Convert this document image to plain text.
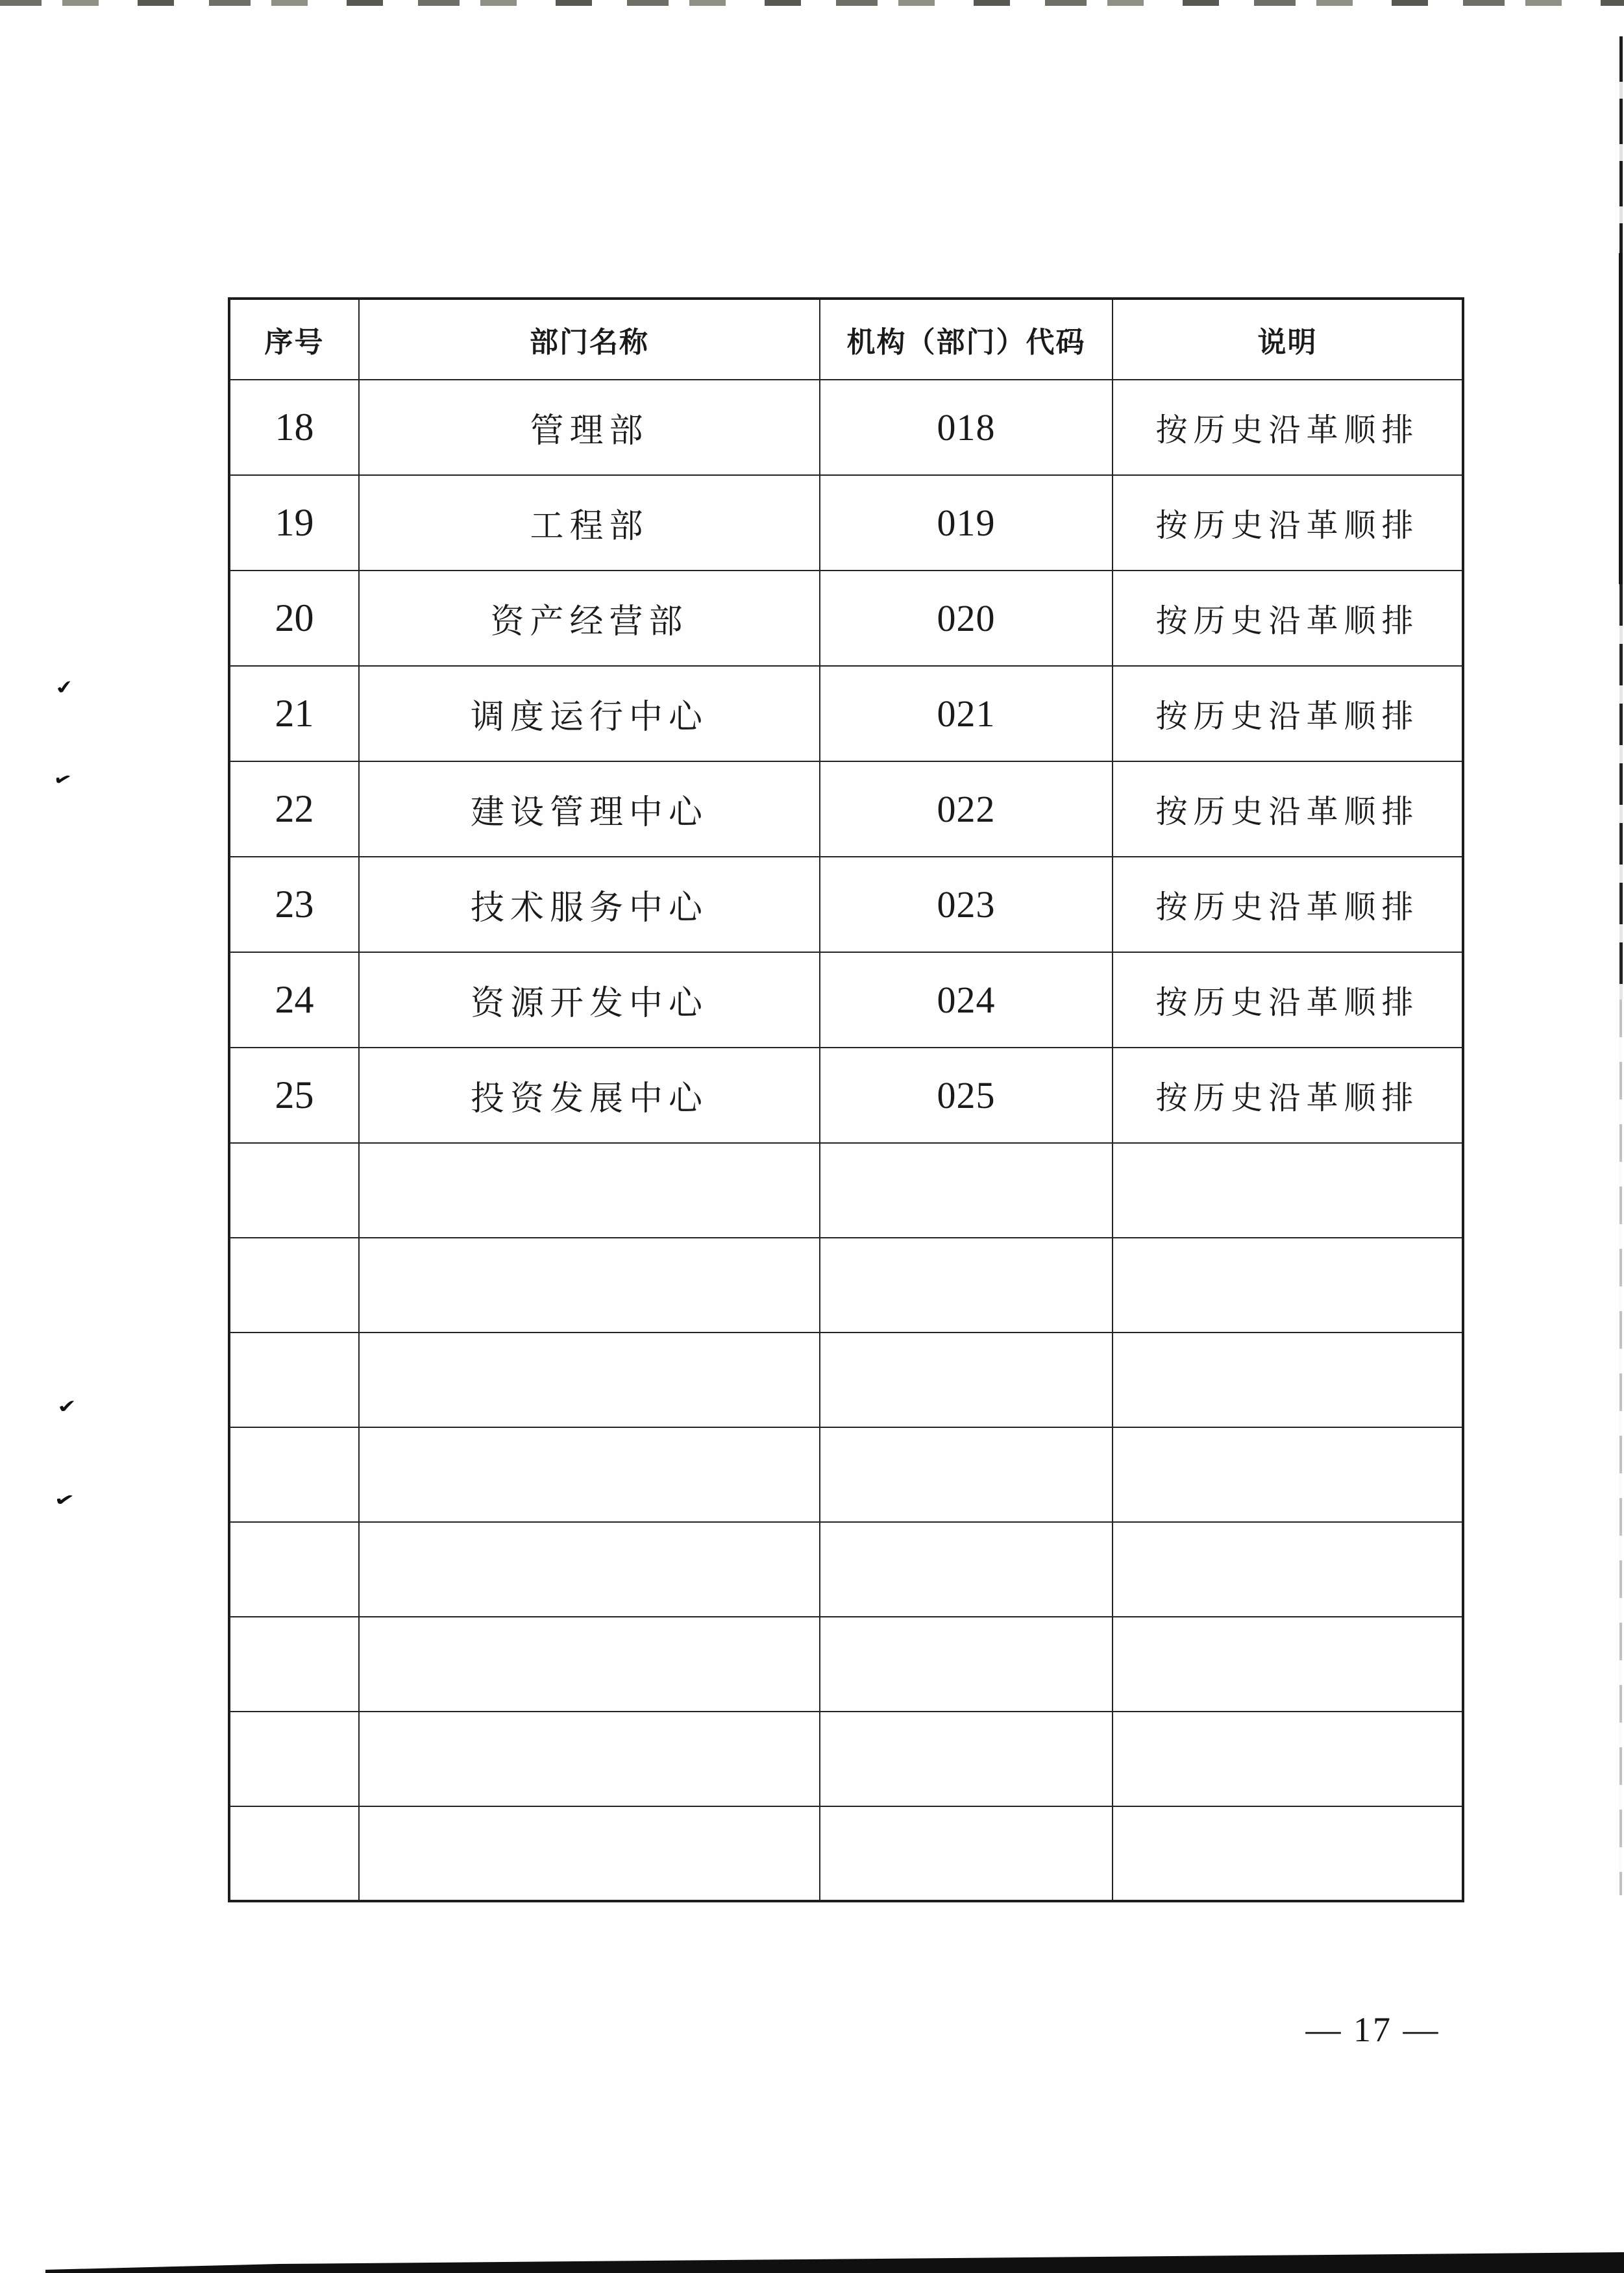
✔
✔
✔
✔
序号	部门名称	机构（部门）代码	说明
18	管理部	018	按历史沿革顺排
19	工程部	019	按历史沿革顺排
20	资产经营部	020	按历史沿革顺排
21	调度运行中心	021	按历史沿革顺排
22	建设管理中心	022	按历史沿革顺排
23	技术服务中心	023	按历史沿革顺排
24	资源开发中心	024	按历史沿革顺排
25	投资发展中心	025	按历史沿革顺排

— 17 —
